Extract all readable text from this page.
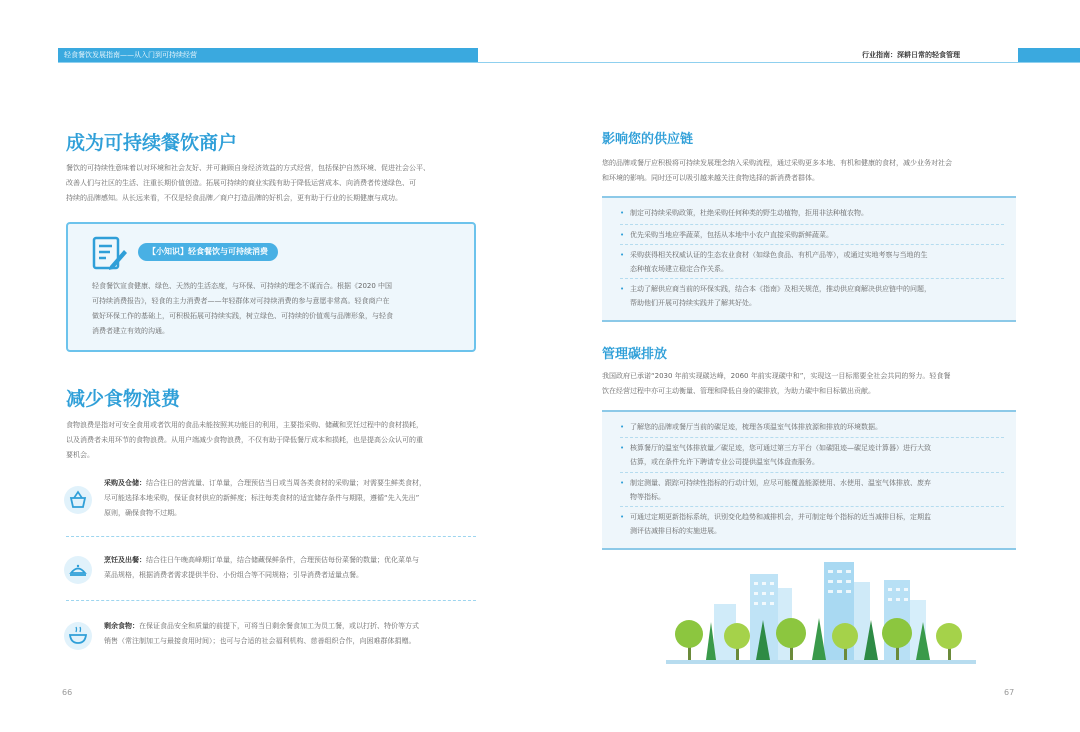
轻食餐饮发展指南——从入门到可持续经营	行业指南：深耕日常的轻食管理
成为可持续餐饮商户
餐饮的可持续性意味着以对环境和社会友好、并可兼顾自身经济效益的方式经营，包括保护自然环境、促进社会公平、
改善人们与社区的生活、注重长期价值创造。拓展可持续的商业实践有助于降低运营成本、向消费者传递绿色、可
持续的品牌感知。从长远来看，不仅是轻食品牌／商户打造品牌的好机会，更有助于行业的长期健康与成功。
【小知识】轻食餐饮与可持续消费
轻食餐饮宣食健康、绿色、天然的生活态度，与环保、可持续的理念不谋而合。根据《2020 中国
可持续消费报告》，轻食的主力消费者——年轻群体对可持续消费的参与意愿非常高。轻食商户在
做好环保工作的基础上，可积极拓展可持续实践，树立绿色、可持续的价值观与品牌形象，与轻食
消费者建立有效的沟通。
减少食物浪费
食物浪费是指对可安全食用或者饮用的食品未能按照其功能目的利用，主要指采购、储藏和烹饪过程中的食材损耗，
以及消费者未用环节的食物浪费。从用户端减少食物浪费，不仅有助于降低餐厅成本和损耗，也是提高公众认可的重
要机会。
采购及仓储：结合往日的营流量、订单量，合理预估当日或当周各类食材的采购量；对需要生鲜类食材，
尽可能选择本地采购，保证食材供应的新鲜度；标注每类食材的适宜储存条件与期限，遵循“先入先出”
原则，确保食物不过期。
烹饪及出餐：结合往日午晚高峰期订单量，结合储藏保鲜条件，合理预估每份菜餐的数量；优化菜单与
菜品规格，根据消费者需求提供半份、小份组合等不同规格；引导消费者适量点餐。
剩余食物：在保证食品安全和质量的前提下，可将当日剩余餐食加工为员工餐，或以打折、特价等方式
销售（常注制加工与最接食用时间）；也可与合适的社会福利机构、慈善组织合作，向困难群体捐赠。
66
影响您的供应链
您的品牌或餐厅应积极将可持续发展理念纳入采购流程，通过采购更多本地、有机和健康的食材，减少业务对社会
和环境的影响。同时还可以吸引越来越关注食物选择的新消费者群体。
• 制定可持续采购政策，杜绝采购任何种类的野生动植物，拒用非法种植农物。
• 优先采购当地应季蔬菜，包括从本地中小农户直接采购新鲜蔬菜。
• 采购获得相关权威认证的生态农业食材（如绿色食品、有机产品等），或通过实地考察与当地的生
态种植农场建立稳定合作关系。
• 主动了解供应商当前的环保实践，结合本《指南》及相关规范，推动供应商解决供应链中的问题，
帮助他们开展可持续实践并了解其好处。
管理碳排放
我国政府已承诺“2030 年前实现碳达峰，2060 年前实现碳中和”，实现这一目标需要全社会共同的努力。轻食餐
饮在经营过程中亦可主动衡量、管理和降低自身的碳排放，为助力碳中和目标做出贡献。
• 了解您的品牌或餐厅当前的碳足迹，梳理各项温室气体排放源和排放的环境数据。
• 核算餐厅的温室气体排放量／碳足迹，您可通过第三方平台（如碳阻迹—碳足迹计算器）进行大致
估算，或在条件允许下聘请专业公司提供温室气体盘查服务。
• 制定测量、跟踪可持续性指标的行动计划，应尽可能覆盖能源使用、水使用、温室气体排放、废弃
物等指标。
• 可通过定期更新指标系统，识别变化趋势和减排机会，并可制定每个指标的近当减排目标，定期监
测评估减排目标的实施进展。
67
